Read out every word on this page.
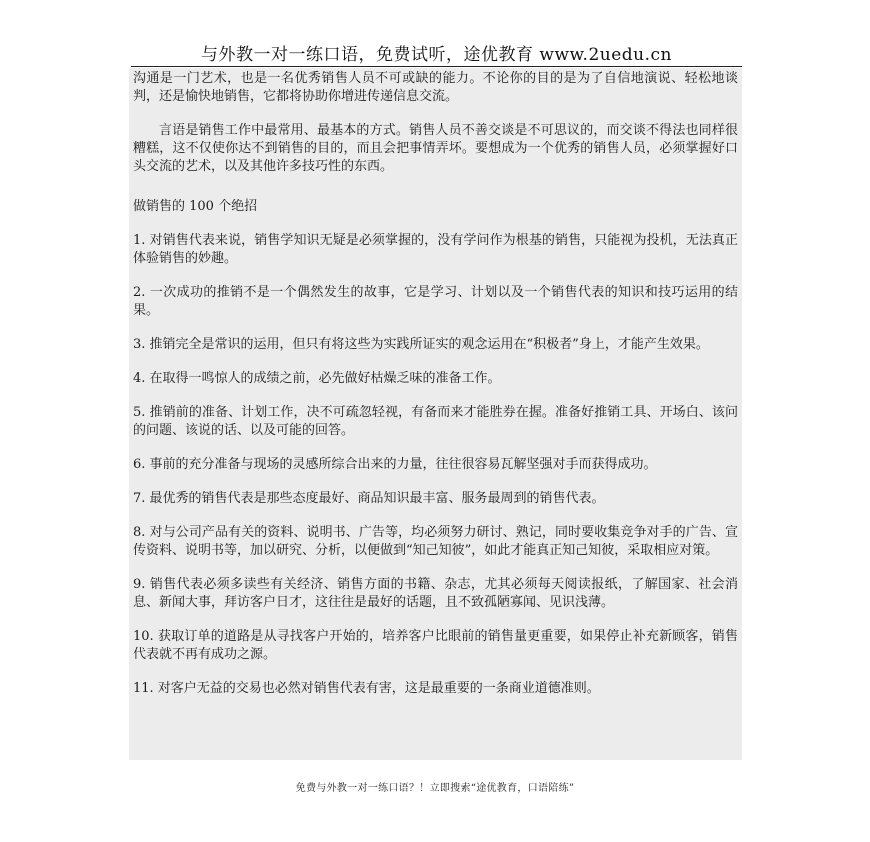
与外教一对一练口语，免费试听，途优教育 www.2uedu.cn

沟通是一门艺术，也是一名优秀销售人员不可或缺的能力。不论你的目的是为了自信地演说、轻松地谈判，还是愉快地销售，它都将协助你增进传递信息交流。

言语是销售工作中最常用、最基本的方式。销售人员不善交谈是不可思议的，而交谈不得法也同样很糟糕，这不仅使你达不到销售的目的，而且会把事情弄坏。要想成为一个优秀的销售人员，必须掌握好口头交流的艺术，以及其他许多技巧性的东西。

做销售的 100 个绝招

1. 对销售代表来说，销售学知识无疑是必须掌握的，没有学问作为根基的销售，只能视为投机，无法真正体验销售的妙趣。

2. 一次成功的推销不是一个偶然发生的故事，它是学习、计划以及一个销售代表的知识和技巧运用的结果。

3. 推销完全是常识的运用，但只有将这些为实践所证实的观念运用在“积极者”身上，才能产生效果。

4. 在取得一鸣惊人的成绩之前，必先做好枯燥乏味的准备工作。

5. 推销前的准备、计划工作，决不可疏忽轻视，有备而来才能胜券在握。准备好推销工具、开场白、该问的问题、该说的话、以及可能的回答。

6. 事前的充分准备与现场的灵感所综合出来的力量，往往很容易瓦解坚强对手而获得成功。

7. 最优秀的销售代表是那些态度最好、商品知识最丰富、服务最周到的销售代表。

8. 对与公司产品有关的资料、说明书、广告等，均必须努力研讨、熟记，同时要收集竞争对手的广告、宣传资料、说明书等，加以研究、分析，以便做到“知己知彼”，如此才能真正知己知彼，采取相应对策。

9. 销售代表必须多读些有关经济、销售方面的书籍、杂志，尤其必须每天阅读报纸，了解国家、社会消息、新闻大事，拜访客户日才，这往往是最好的话题，且不致孤陋寡闻、见识浅薄。

10. 获取订单的道路是从寻找客户开始的，培养客户比眼前的销售量更重要，如果停止补充新顾客，销售代表就不再有成功之源。

11. 对客户无益的交易也必然对销售代表有害，这是最重要的一条商业道德准则。

免费与外教一对一练口语？！立即搜索“途优教育，口语陪练”
